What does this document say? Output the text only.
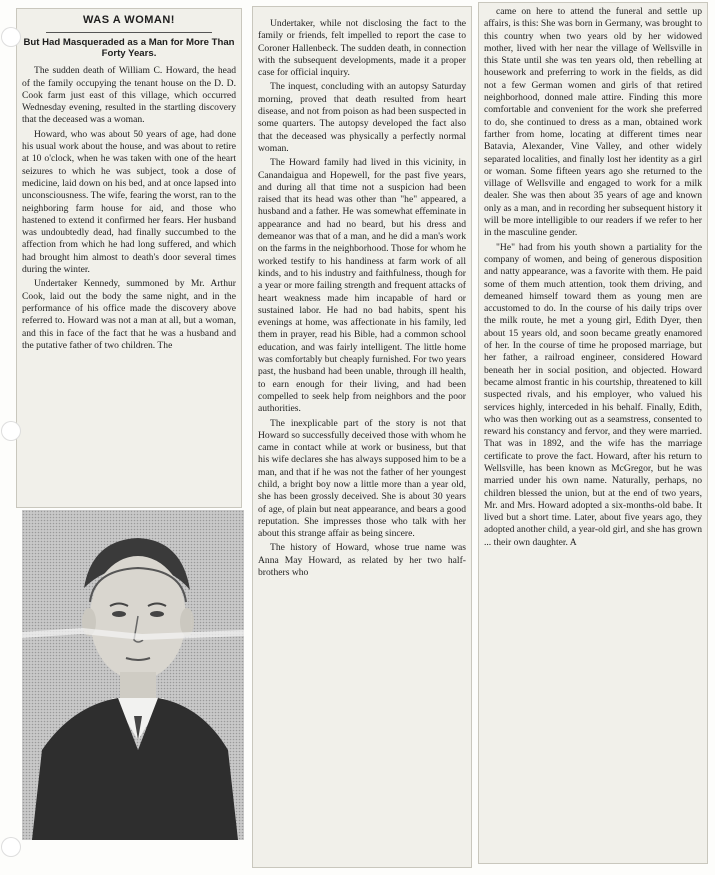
WAS A WOMAN!
But Had Masqueraded as a Man for More Than Forty Years.

The sudden death of William C. Howard, the head of the family occupying the tenant house on the D. D. Cook farm just east of this village, which occurred Wednesday evening, resulted in the startling discovery that the deceased was a woman.

Howard, who was about 50 years of age, had done his usual work about the house, and was about to retire at 10 o'clock, when he was taken with one of the heart seizures to which he was subject, took a dose of medicine, laid down on his bed, and at once lapsed into unconsciousness. The wife, fearing the worst, ran to the neighboring farm house for aid, and those who hastened to extend it confirmed her fears. Her husband was undoubtedly dead, had finally succumbed to the affection from which he had long suffered, and which had brought him almost to death's door several times during the winter.

Undertaker Kennedy, summoned by Mr. Arthur Cook, laid out the body the same night, and in the performance of his office made the discovery above referred to. Howard was not a man at all, but a woman, and this in face of the fact that he was a husband and the putative father of two children. The

Undertaker, while not disclosing the fact to the family or friends, felt impelled to report the case to Coroner Hallenbeck. The sudden death, in connection with the subsequent developments, made it a proper case for official inquiry.

The inquest, concluding with an autopsy Saturday morning, proved that death resulted from heart disease, and not from poison as had been suspected in some quarters. The autopsy developed the fact also that the deceased was physically a perfectly normal woman.

The Howard family had lived in this vicinity, in Canandaigua and Hopewell, for the past five years, and during all that time not a suspicion had been raised that its head was other than "he" appeared, a husband and a father. He was somewhat effeminate in appearance and had no beard, but his dress and demeanor was that of a man, and he did a man's work on the farms in the neighborhood. Those for whom he worked testify to his handiness at farm work of all kinds, and to his industry and faithfulness, though for a year or more failing strength and frequent attacks of heart weakness made him incapable of hard or sustained labor. He had no bad habits, spent his evenings at home, was affectionate in his family, led them in prayer, read his Bible, had a common school education, and was fairly intelligent. The little home was comfortably but cheaply furnished. For two years past, the husband had been unable, through ill health, to earn enough for their living, and had been compelled to seek help from neighbors and the poor authorities.

The inexplicable part of the story is not that Howard so successfully deceived those with whom he came in contact while at work or business, but that his wife declares she has always supposed him to be a man, and that if he was not the father of her youngest child, a bright boy now a little more than a year old, she has been grossly deceived. She is about 30 years of age, of plain but neat appearance, and bears a good reputation. She impresses those who talk with her about this strange affair as being sincere.

The history of Howard, whose true name was Anna May Howard, as related by her two half-brothers who

came on here to attend the funeral and settle up affairs, is this: She was born in Germany, was brought to this country when two years old by her widowed mother, lived with her near the village of Wellsville in this State until she was ten years old, then rebelling at housework and preferring to work in the fields, as did not a few German women and girls of that retired neighborhood, donned male attire. Finding this more comfortable and convenient for the work she preferred to do, she continued to dress as a man, obtained work farther from home, locating at different times near Batavia, Alexander, Vine Valley, and other widely separated localities, and finally lost her identity as a girl or woman. Some fifteen years ago she returned to the village of Wellsville and engaged to work for a milk dealer. She was then about 35 years of age and known only as a man, and in recording her subsequent history it will be more intelligible to our readers if we refer to her in the masculine gender.

"He" had from his youth shown a partiality for the company of women, and being of generous disposition and natty appearance, was a favorite with them. He paid some of them much attention, took them driving, and demeaned himself toward them as young men are accustomed to do. In the course of his daily trips over the milk route, he met a young girl, Edith Dyer, then about 15 years old, and soon became greatly enamored of her. In the course of time he proposed marriage, but her father, a railroad engineer, considered Howard beneath her in social position, and objected. Howard became almost frantic in his courtship, threatened to kill suspected rivals, and his employer, who valued his services highly, interceded in his behalf. Finally, Edith, who was then working out as a seamstress, consented to reward his constancy and fervor, and they were married. That was in 1892, and the wife has the marriage certificate to prove the fact. Howard, after his return to Wellsville, has been known as McGregor, but he was married under his own name. Naturally, perhaps, no children blessed the union, but at the end of two years, Mr. and Mrs. Howard adopted a six-months-old babe. It lived but a short time. Later, about five years ago, they adopted another child, a year-old girl, and she has grown ... their own daughter. A
